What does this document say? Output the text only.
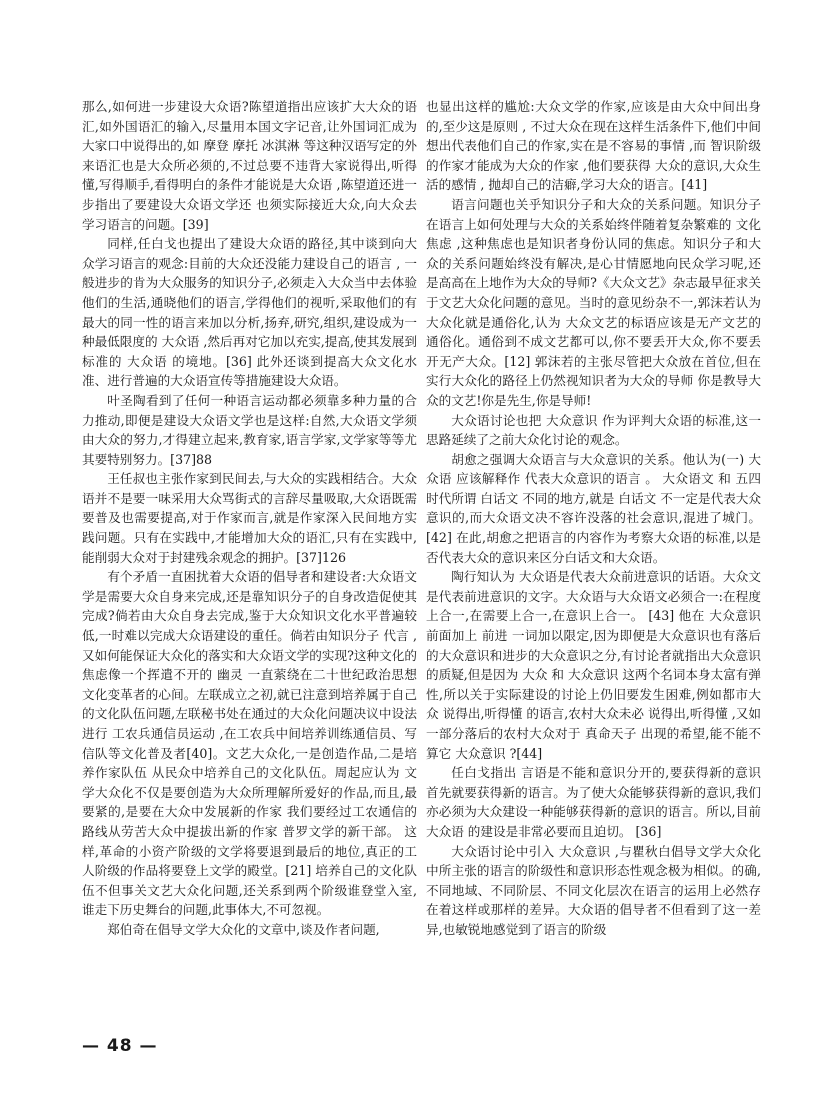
那么,如何进一步建设大众语?陈望道指出应该扩大大众的语汇,如外国语汇的输入,尽量用本国文字记音,让外国词汇成为大家口中说得出的,如 摩登 摩托 冰淇淋 等这种汉语写定的外来语汇也是大众所必须的,不过总要不违背大家说得出,听得懂,写得顺手,看得明白的条件才能说是大众语 ,陈望道还进一步指出了要建设大众语文学还 也须实际接近大众,向大众去学习语言的问题。[39]

同样,任白戈也提出了建设大众语的路径,其中谈到向大众学习语言的观念:目前的大众还没能力建设自己的语言 , 一般进步的肯为大众服务的知识分子,必须走入大众当中去体验他们的生活,通晓他们的语言,学得他们的视听,采取他们的有最大的同一性的语言来加以分析,扬弃,研究,组织,建设成为一种最低限度的 大众语 ,然后再对它加以充实,提高,使其发展到标准的 大众语 的境地。[36] 此外还谈到提高大众文化水准、进行普遍的大众语宣传等措施建设大众语。

叶圣陶看到了任何一种语言运动都必须靠多种力量的合力推动,即便是建设大众语文学也是这样:自然,大众语文学须由大众的努力,才得建立起来,教育家,语言学家,文学家等等尤其要特别努力。[37]88

王任叔也主张作家到民间去,与大众的实践相结合。大众语并不是要一味采用大众骂街式的言辞尽量吸取,大众语既需要普及也需要提高,对于作家而言,就是作家深入民间地方实践问题。只有在实践中,才能增加大众的语汇,只有在实践中,能削弱大众对于封建残余观念的拥护。[37]126

有个矛盾一直困扰着大众语的倡导者和建设者:大众语文学是需要大众自身来完成,还是靠知识分子的自身改造促使其完成?倘若由大众自身去完成,鉴于大众知识文化水平普遍较低,一时难以完成大众语建设的重任。倘若由知识分子 代言 ,又如何能保证大众化的落实和大众语文学的实现?这种文化的焦虑像一个挥遣不开的 幽灵 一直萦绕在二十世纪政治思想文化变革者的心间。左联成立之初,就已注意到培养属于自己的文化队伍问题,左联秘书处在通过的大众化问题决议中设法进行 工农兵通信员运动 ,在工农兵中间培养训练通信员、写信队等文化普及者[40]。文艺大众化,一是创造作品,二是培养作家队伍 从民众中培养自己的文化队伍。周起应认为 文学大众化不仅是要创造为大众所理解所爱好的作品,而且,最要紧的,是要在大众中发展新的作家 我们要经过工农通信的路线从劳苦大众中提拔出新的作家 普罗文学的新干部。 这样,革命的小资产阶级的文学将要退到最后的地位,真正的工人阶级的作品将要登上文学的殿堂。[21] 培养自己的文化队伍不但事关文艺大众化问题,还关系到两个阶级谁登堂入室,谁走下历史舞台的问题,此事体大,不可忽视。

郑伯奇在倡导文学大众化的文章中,谈及作者问题,

也显出这样的尴尬:大众文学的作家,应该是由大众中间出身的,至少这是原则 , 不过大众在现在这样生活条件下,他们中间想出代表他们自己的作家,实在是不容易的事情 ,而 智识阶级的作家才能成为大众的作家 ,他们要获得 大众的意识,大众生活的感情 , 抛却自己的洁癖,学习大众的语言。[41]

语言问题也关乎知识分子和大众的关系问题。知识分子在语言上如何处理与大众的关系始终伴随着复杂繁难的 文化焦虑 ,这种焦虑也是知识者身份认同的焦虑。知识分子和大众的关系问题始终没有解决,是心甘情愿地向民众学习呢,还是高高在上地作为大众的导师?《大众文艺》杂志最早征求关于文艺大众化问题的意见。当时的意见纷杂不一,郭沫若认为大众化就是通俗化,认为 大众文艺的标语应该是无产文艺的通俗化。通俗到不成文艺都可以,你不要丢开大众,你不要丢开无产大众。[12] 郭沫若的主张尽管把大众放在首位,但在实行大众化的路径上仍然视知识者为大众的导师 你是教导大众的文艺!你是先生,你是导师!

大众语讨论也把 大众意识 作为评判大众语的标准,这一思路延续了之前大众化讨论的观念。

胡愈之强调大众语言与大众意识的关系。他认为(一) 大众语 应该解释作 代表大众意识的语言 。 大众语文 和 五四 时代所谓 白话文 不同的地方,就是 白话文 不一定是代表大众意识的,而大众语文决不容许没落的社会意识,混进了城门。[42] 在此,胡愈之把语言的内容作为考察大众语的标准,以是否代表大众的意识来区分白话文和大众语。

陶行知认为 大众语是代表大众前进意识的话语。大众文是代表前进意识的文字。大众语与大众语文必须合一:在程度上合一,在需要上合一,在意识上合一。 [43] 他在 大众意识 前面加上 前进 一词加以限定,因为即便是大众意识也有落后的大众意识和进步的大众意识之分,有讨论者就指出大众意识的质疑,但是因为 大众 和 大众意识 这两个名词本身太富有弹性,所以关于实际建设的讨论上仍旧要发生困难,例如都市大众 说得出,听得懂 的语言,农村大众未必 说得出,听得懂 ,又如一部分落后的农村大众对于 真命天子 出现的希望,能不能不算它 大众意识 ?[44]

任白戈指出 言语是不能和意识分开的,要获得新的意识首先就要获得新的语言。为了使大众能够获得新的意识,我们亦必须为大众建设一种能够获得新的意识的语言。所以,目前 大众语 的建设是非常必要而且迫切。 [36]

大众语讨论中引入 大众意识 ,与瞿秋白倡导文学大众化中所主张的语言的阶级性和意识形态性观念极为相似。的确,不同地域、不同阶层、不同文化层次在语言的运用上必然存在着这样或那样的差异。大众语的倡导者不但看到了这一差异,也敏锐地感觉到了语言的阶级

— 48 —
